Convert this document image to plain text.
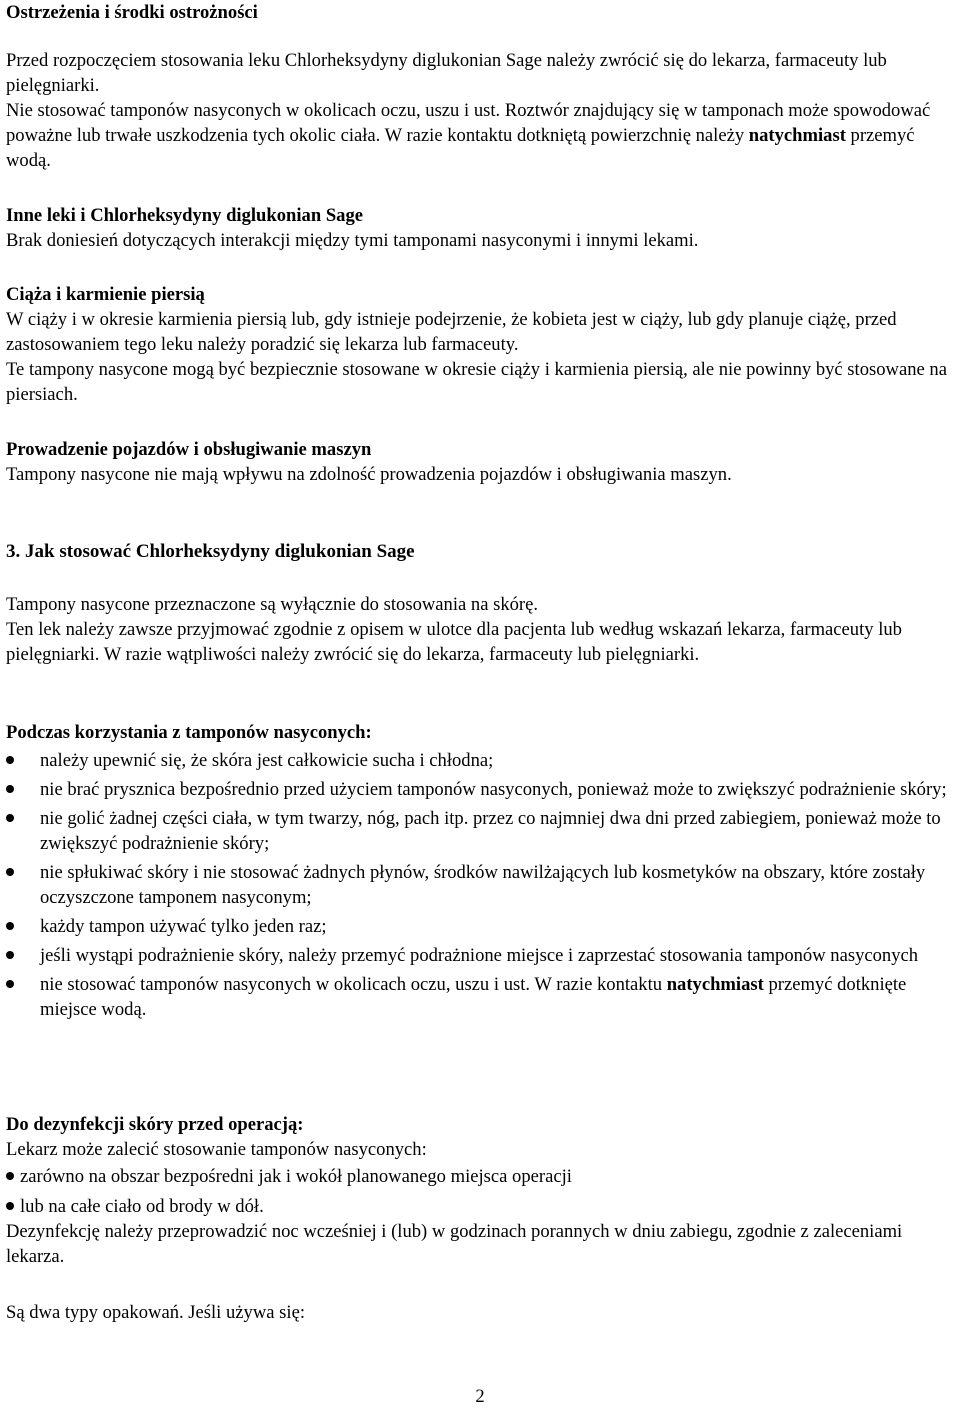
Ostrzeżenia i środki ostrożności

Przed rozpoczęciem stosowania leku Chlorheksydyny diglukonian Sage należy zwrócić się do lekarza, farmaceuty lub pielęgniarki.

Nie stosować tamponów nasyconych w okolicach oczu, uszu i ust. Roztwór znajdujący się w tamponach może spowodować poważne lub trwałe uszkodzenia tych okolic ciała. W razie kontaktu dotkniętą powierzchnię należy natychmiast przemyć wodą.

Inne leki i Chlorheksydyny diglukonian Sage

Brak doniesień dotyczących interakcji między tymi tamponami nasyconymi i innymi lekami.

Ciąża i karmienie piersią

W ciąży i w okresie karmienia piersią lub, gdy istnieje podejrzenie, że kobieta jest w ciąży, lub gdy planuje ciążę, przed zastosowaniem tego leku należy poradzić się lekarza lub farmaceuty.

Te tampony nasycone mogą być bezpiecznie stosowane w okresie ciąży i karmienia piersią, ale nie powinny być stosowane na piersiach.

Prowadzenie pojazdów i obsługiwanie maszyn

Tampony nasycone nie mają wpływu na zdolność prowadzenia pojazdów i obsługiwania maszyn.

3. Jak stosować Chlorheksydyny diglukonian Sage

Tampony nasycone przeznaczone są wyłącznie do stosowania na skórę.

Ten lek należy zawsze przyjmować zgodnie z opisem w ulotce dla pacjenta lub według wskazań lekarza, farmaceuty lub pielęgniarki. W razie wątpliwości należy zwrócić się do lekarza, farmaceuty lub pielęgniarki.

Podczas korzystania z tamponów nasyconych:
należy upewnić się, że skóra jest całkowicie sucha i chłodna;
nie brać prysznica bezpośrednio przed użyciem tamponów nasyconych, ponieważ może to zwiększyć podrażnienie skóry;
nie golić żadnej części ciała, w tym twarzy, nóg, pach itp. przez co najmniej dwa dni przed zabiegiem, ponieważ może to zwiększyć podrażnienie skóry;
nie spłukiwać skóry i nie stosować żadnych płynów, środków nawilżających lub kosmetyków na obszary, które zostały oczyszczone tamponem nasyconym;
każdy tampon używać tylko jeden raz;
jeśli wystąpi podrażnienie skóry, należy przemyć podrażnione miejsce i zaprzestać stosowania tamponów nasyconych
nie stosować tamponów nasyconych w okolicach oczu, uszu i ust. W razie kontaktu natychmiast przemyć dotknięte miejsce wodą.
Do dezynfekcji skóry przed operacją:

Lekarz może zalecić stosowanie tamponów nasyconych:

zarówno na obszar bezpośredni jak i wokół planowanego miejsca operacji
lub na całe ciało od brody w dół.

Dezynfekcję należy przeprowadzić noc wcześniej i (lub) w godzinach porannych w dniu zabiegu, zgodnie z zaleceniami lekarza.

Są dwa typy opakowań. Jeśli używa się:

2
